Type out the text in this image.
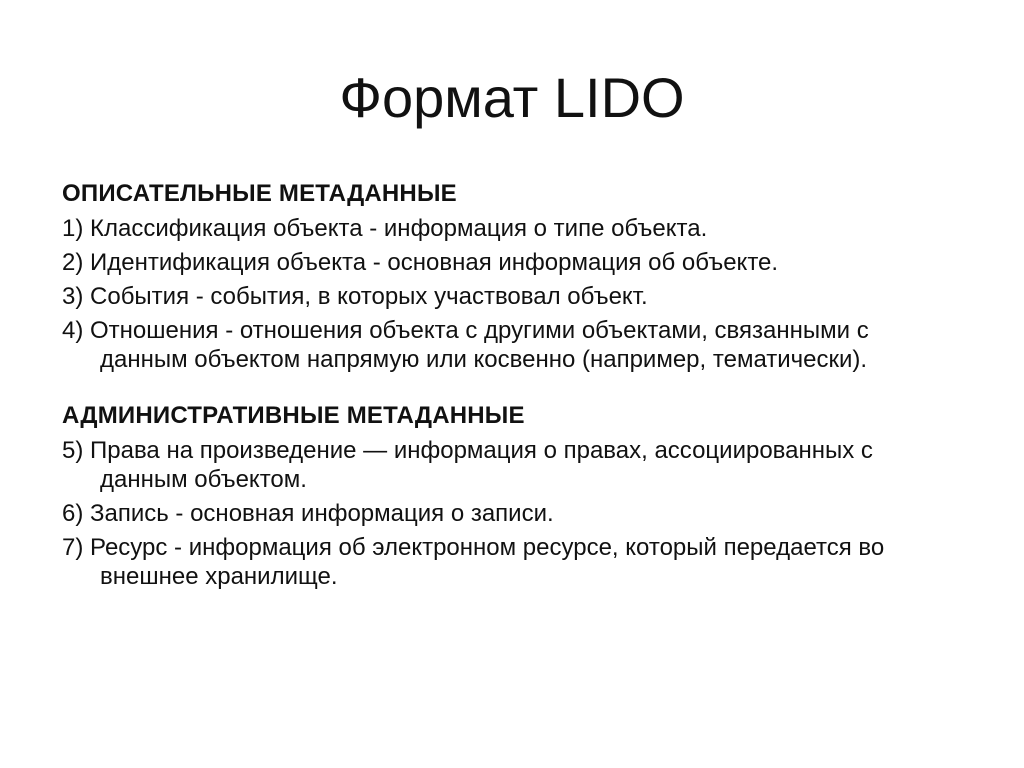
Формат LIDO
ОПИСАТЕЛЬНЫЕ МЕТАДАННЫЕ
1) Классификация объекта - информация о типе объекта.
2) Идентификация объекта - основная информация об объекте.
3) События - события, в которых участвовал объект.
4) Отношения - отношения объекта с другими объектами, связанными с данным объектом напрямую или косвенно (например, тематически).
АДМИНИСТРАТИВНЫЕ МЕТАДАННЫЕ
5) Права на произведение — информация о правах, ассоциированных с данным объектом.
6) Запись - основная информация о записи.
7) Ресурс - информация об электронном ресурсе, который передается во внешнее хранилище.
